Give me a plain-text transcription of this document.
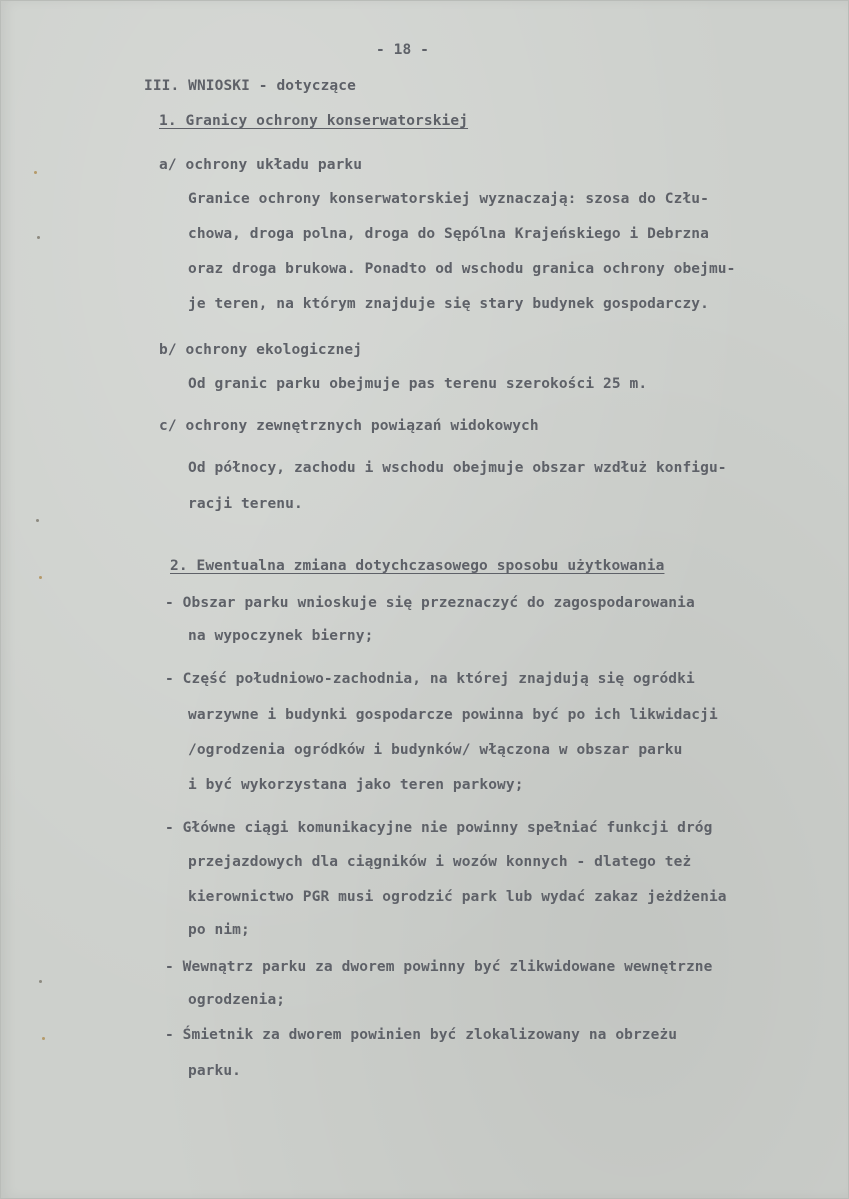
- 18 -
III. WNIOSKI - dotyczące
1. Granicy ochrony konserwatorskiej
a/ ochrony układu parku
Granice ochrony konserwatorskiej wyznaczają: szosa do Człu-
chowa, droga polna, droga do Sępólna Krajeńskiego i Debrzna
oraz droga brukowa. Ponadto od wschodu granica ochrony obejmu-
je teren, na którym znajduje się stary budynek gospodarczy.
b/ ochrony ekologicznej
Od granic parku obejmuje pas terenu szerokości 25 m.
c/ ochrony zewnętrznych powiązań widokowych
Od północy, zachodu i wschodu obejmuje obszar wzdłuż konfigu-
racji terenu.
2. Ewentualna zmiana dotychczasowego sposobu użytkowania
- Obszar parku wnioskuje się przeznaczyć do zagospodarowania
na wypoczynek bierny;
- Część południowo-zachodnia, na której znajdują się ogródki
warzywne i budynki gospodarcze powinna być po ich likwidacji
/ogrodzenia ogródków i budynków/ włączona w obszar parku
i być wykorzystana jako teren parkowy;
- Główne ciągi komunikacyjne nie powinny spełniać funkcji dróg
przejazdowych dla ciągników i wozów konnych - dlatego też
kierownictwo PGR musi ogrodzić park lub wydać zakaz jeżdżenia
po nim;
- Wewnątrz parku za dworem powinny być zlikwidowane wewnętrzne
ogrodzenia;
- Śmietnik za dworem powinien być zlokalizowany na obrzeżu
parku.
